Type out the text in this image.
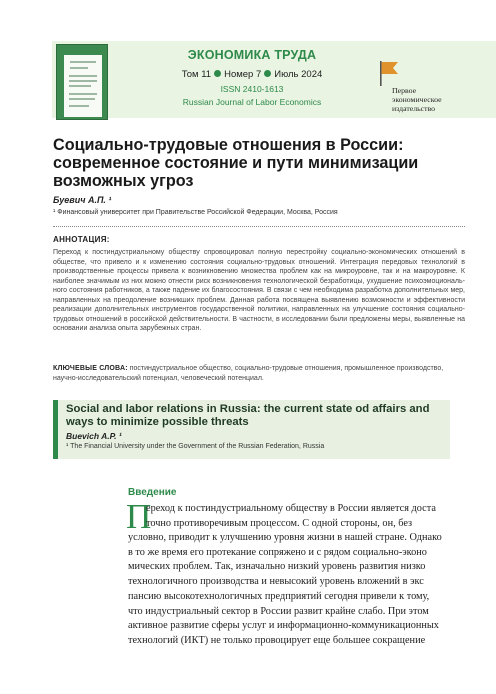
ЭКОНОМИКА ТРУДА
Том 11 Номер 7 Июль 2024
ISSN 2410-1613
Russian Journal of Labor Economics
Первое
экономическое
издательство
Социально-трудовые отношения в России: современное состояние и пути минимизации возможных угроз
Буевич А.П. ¹
¹ Финансовый университет при Правительстве Российской Федерации, Москва, Россия
АННОТАЦИЯ:
Переход к постиндустриальному обществу спровоцировал полную перестройку социально-экономических отношений в обществе, что привело и к изменению состояния социально-трудовых отношений. Интеграция передовых технологий в производственные процессы привела к возникновению множества проблем как на микроуровне, так и на макроуровне. К наиболее значимым из них можно отнести риск возникновения технологической безработицы, ухудшение психоэмоционального состояния работников, а также падение их благосостояния. В связи с чем необходима разработка дополнительных мер, направленных на преодоление возникших проблем. Данная работа посвящена выявлению возможности и эффективности реализации дополнительных инструментов государственной политики, направленных на улучшение состояния социально-трудовых отношений в российской действительности. В частности, в исследовании были предложены меры, выявленные на основании анализа опыта зарубежных стран.
КЛЮЧЕВЫЕ СЛОВА: постиндустриальное общество, социально-трудовые отношения, промышленное производство, научно-исследовательский потенциал, человеческий потенциал.
Social and labor relations in Russia: the current state od affairs and ways to minimize possible threats
Buevich A.P. ¹
¹ The Financial University under the Government of the Russian Federation, Russia
Введение
П
ереход к постиндустриальному обществу в России является доста
точно противоречивым процессом. С одной стороны, он, без
условно, приводит к улучшению уровня жизни в нашей стране. Однако
в то же время его протекание сопряжено и с рядом социально-эконо
мических проблем. Так, изначально низкий уровень развития низко
технологичного производства и невысокий уровень вложений в экс
пансию высокотехнологичных предприятий сегодня привели к тому,
что индустриальный сектор в России развит крайне слабо. При этом
активное развитие сферы услуг и информационно-коммуникационных
технологий (ИКТ) не только провоцирует еще большее сокращение
